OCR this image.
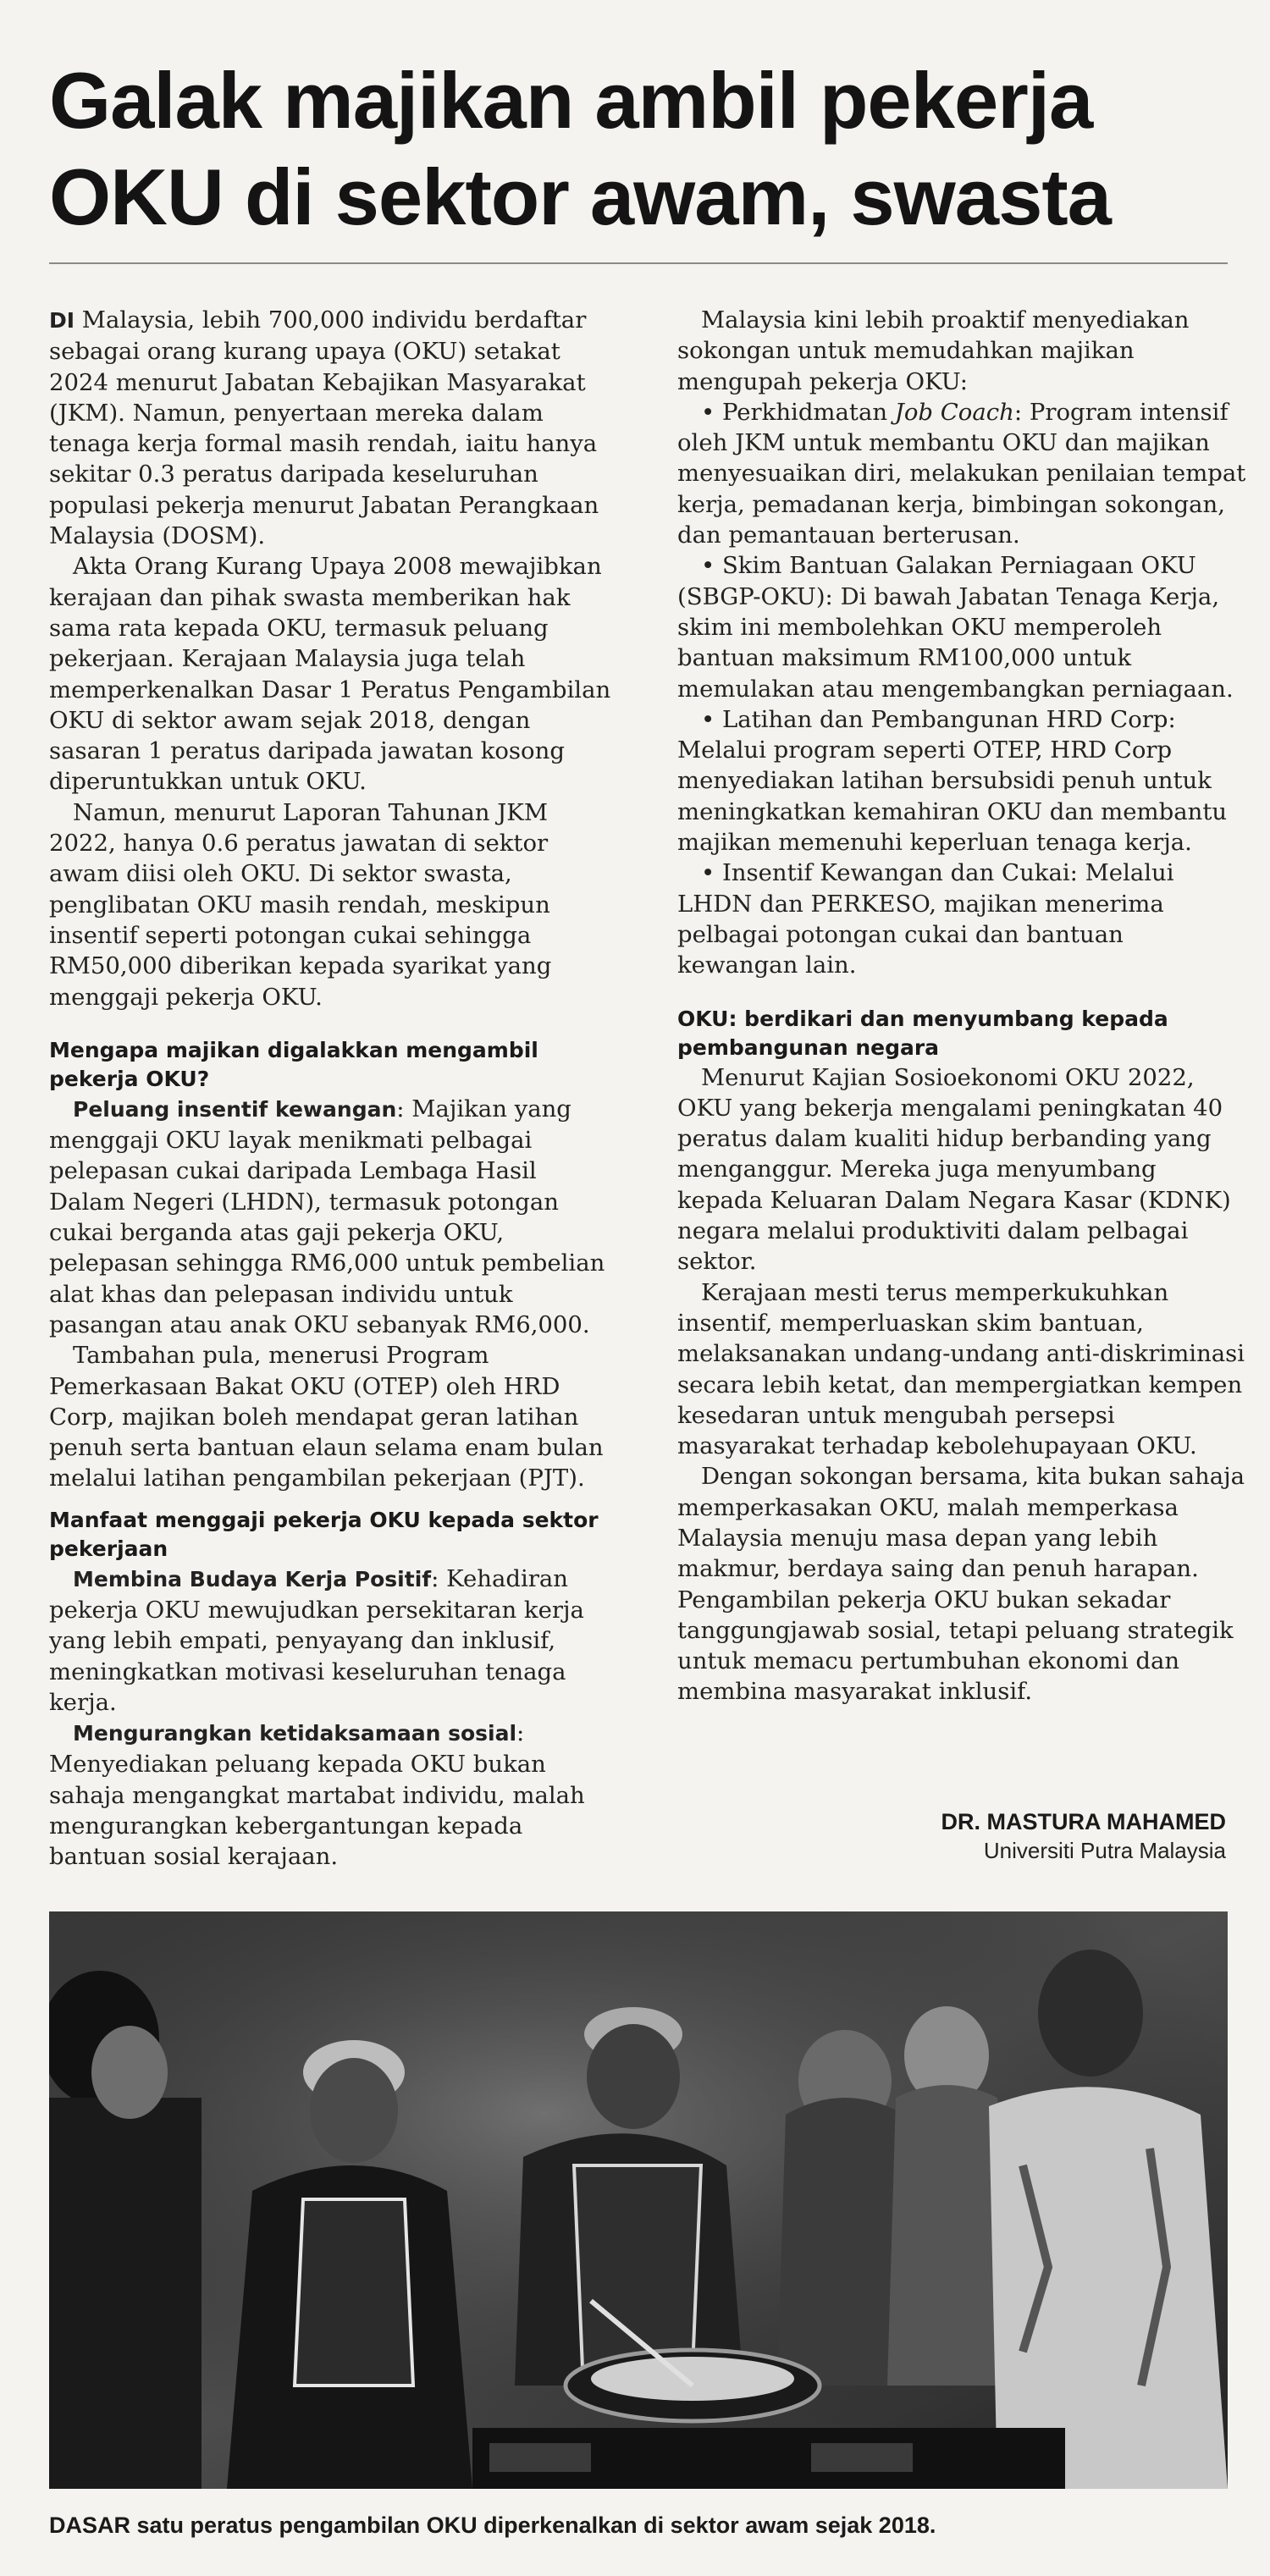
Galak majikan ambil pekerja
OKU di sektor awam, swasta

DI Malaysia, lebih 700,000 individu berdaftar sebagai orang kurang upaya (OKU) setakat 2024 menurut Jabatan Kebajikan Masyarakat (JKM). Namun, penyertaan mereka dalam tenaga kerja formal masih rendah, iaitu hanya sekitar 0.3 peratus daripada keseluruhan populasi pekerja menurut Jabatan Perangkaan Malaysia (DOSM).

Akta Orang Kurang Upaya 2008 mewajibkan kerajaan dan pihak swasta memberikan hak sama rata kepada OKU, termasuk peluang pekerjaan. Kerajaan Malaysia juga telah memperkenalkan Dasar 1 Peratus Pengambilan OKU di sektor awam sejak 2018, dengan sasaran 1 peratus daripada jawatan kosong diperuntukkan untuk OKU.

Namun, menurut Laporan Tahunan JKM 2022, hanya 0.6 peratus jawatan di sektor awam diisi oleh OKU. Di sektor swasta, penglibatan OKU masih rendah, meskipun insentif seperti potongan cukai sehingga RM50,000 diberikan kepada syarikat yang menggaji pekerja OKU.

Mengapa majikan digalakkan mengambil pekerja OKU?

Peluang insentif kewangan: Majikan yang menggaji OKU layak menikmati pelbagai pelepasan cukai daripada Lembaga Hasil Dalam Negeri (LHDN), termasuk potongan cukai berganda atas gaji pekerja OKU, pelepasan sehingga RM6,000 untuk pembelian alat khas dan pelepasan individu untuk pasangan atau anak OKU sebanyak RM6,000.

Tambahan pula, menerusi Program Pemerkasaan Bakat OKU (OTEP) oleh HRD Corp, majikan boleh mendapat geran latihan penuh serta bantuan elaun selama enam bulan melalui latihan pengambilan pekerjaan (PJT).

Manfaat menggaji pekerja OKU kepada sektor pekerjaan

Membina Budaya Kerja Positif: Kehadiran pekerja OKU mewujudkan persekitaran kerja yang lebih empati, penyayang dan inklusif, meningkatkan motivasi keseluruhan tenaga kerja.

Mengurangkan ketidaksamaan sosial: Menyediakan peluang kepada OKU bukan sahaja mengangkat martabat individu, malah mengurangkan kebergantungan kepada bantuan sosial kerajaan.

Malaysia kini lebih proaktif menyediakan sokongan untuk memudahkan majikan mengupah pekerja OKU:

• Perkhidmatan Job Coach: Program intensif oleh JKM untuk membantu OKU dan majikan menyesuaikan diri, melakukan penilaian tempat kerja, pemadanan kerja, bimbingan sokongan, dan pemantauan berterusan.

• Skim Bantuan Galakan Perniagaan OKU (SBGP-OKU): Di bawah Jabatan Tenaga Kerja, skim ini membolehkan OKU memperoleh bantuan maksimum RM100,000 untuk memulakan atau mengembangkan perniagaan.

• Latihan dan Pembangunan HRD Corp: Melalui program seperti OTEP, HRD Corp menyediakan latihan bersubsidi penuh untuk meningkatkan kemahiran OKU dan membantu majikan memenuhi keperluan tenaga kerja.

• Insentif Kewangan dan Cukai: Melalui LHDN dan PERKESO, majikan menerima pelbagai potongan cukai dan bantuan kewangan lain.

OKU: berdikari dan menyumbang kepada pembangunan negara

Menurut Kajian Sosioekonomi OKU 2022, OKU yang bekerja mengalami peningkatan 40 peratus dalam kualiti hidup berbanding yang menganggur. Mereka juga menyumbang kepada Keluaran Dalam Negara Kasar (KDNK) negara melalui produktiviti dalam pelbagai sektor.

Kerajaan mesti terus memperkukuhkan insentif, memperluaskan skim bantuan, melaksanakan undang-undang anti-diskriminasi secara lebih ketat, dan mempergiatkan kempen kesedaran untuk mengubah persepsi masyarakat terhadap kebolehupayaan OKU.

Dengan sokongan bersama, kita bukan sahaja memperkasakan OKU, malah memperkasa Malaysia menuju masa depan yang lebih makmur, berdaya saing dan penuh harapan. Pengambilan pekerja OKU bukan sekadar tanggungjawab sosial, tetapi peluang strategik untuk memacu pertumbuhan ekonomi dan membina masyarakat inklusif.

DR. MASTURA MAHAMED
Universiti Putra Malaysia
DASAR satu peratus pengambilan OKU diperkenalkan di sektor awam sejak 2018.
